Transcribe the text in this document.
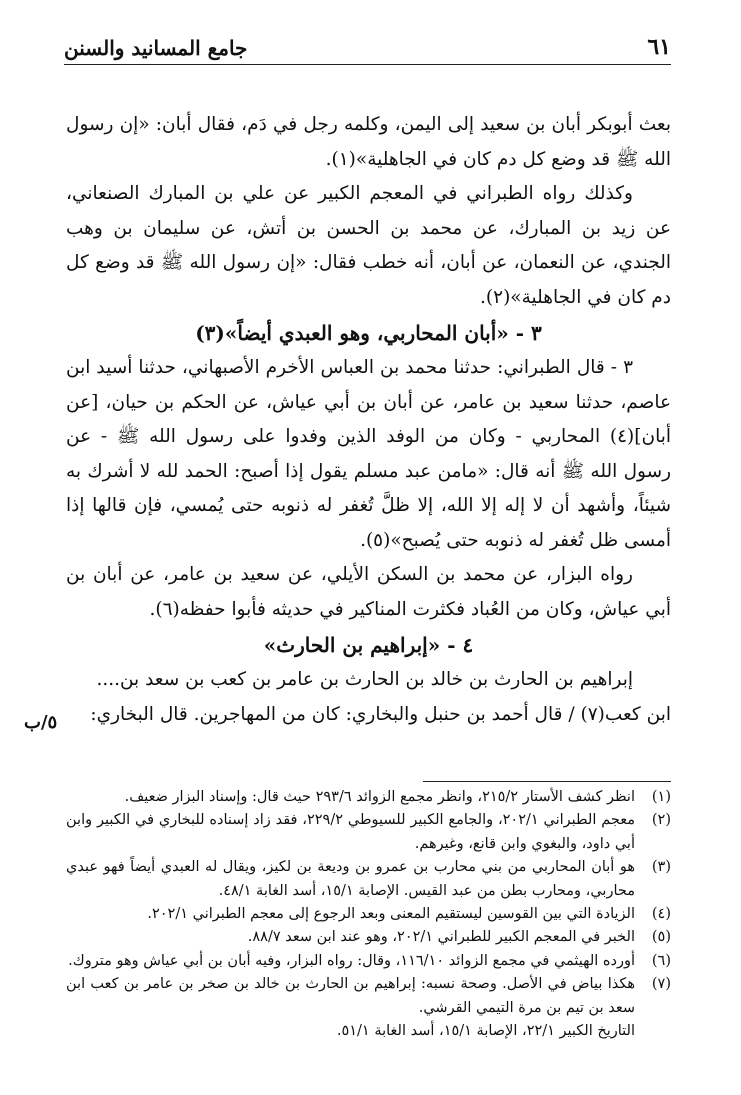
٦١
جامع المسانيد والسنن

بعث أبوبكر أبان بن سعيد إلى اليمن، وكلمه رجل في دَم، فقال أبان: «إن رسول الله ﷺ قد وضع كل دم كان في الجاهلية»(١).

وكذلك رواه الطبراني في المعجم الكبير عن علي بن المبارك الصنعاني، عن زيد بن المبارك، عن محمد بن الحسن بن أتش، عن سليمان بن وهب الجندي، عن النعمان، عن أبان، أنه خطب فقال: «إن رسول الله ﷺ قد وضع كل دم كان في الجاهلية»(٢).

٣ - «أبان المحاربي، وهو العبدي أيضاً»(٣)

٣ - قال الطبراني: حدثنا محمد بن العباس الأخرم الأصبهاني، حدثنا أسيد ابن عاصم، حدثنا سعيد بن عامر، عن أبان بن أبي عياش، عن الحكم بن حيان، [عن أبان](٤) المحاربي - وكان من الوفد الذين وفدوا على رسول الله ﷺ - عن رسول الله ﷺ أنه قال: «مامن عبد مسلم يقول إذا أصبح: الحمد لله لا أشرك به شيئاً، وأشهد أن لا إله إلا الله، إلا ظلَّ تُغفر له ذنوبه حتى يُمسي، فإن قالها إذا أمسى ظل تُغفر له ذنوبه حتى يُصبح»(٥).

رواه البزار، عن محمد بن السكن الأيلي، عن سعيد بن عامر، عن أبان بن أبي عياش، وكان من العُباد فكثرت المناكير في حديثه فأبوا حفظه(٦).

٤ - «إبراهيم بن الحارث»

إبراهيم بن الحارث بن خالد بن الحارث بن عامر بن كعب بن سعد بن....

ابن كعب(٧) / قال أحمد بن حنبل والبخاري: كان من المهاجرين. قال البخاري:

٥/ب
(١)
انظر كشف الأستار ٢١٥/٢، وانظر مجمع الزوائد ٢٩٣/٦ حيث قال: وإسناد البزار ضعيف.
(٢)
معجم الطبراني ٢٠٢/١، والجامع الكبير للسيوطي ٢٢٩/٢، فقد زاد إسناده للبخاري في الكبير وابن أبي داود، والبغوي وابن قانع، وغيرهم.
(٣)
هو أبان المحاربي من بني محارب بن عمرو بن وديعة بن لكيز، ويقال له العبدي أيضاً فهو عبدي محاربي، ومحارب بطن من عبد القيس. الإصابة ١٥/١، أسد الغابة ٤٨/١.
(٤)
الزيادة التي بين القوسين ليستقيم المعنى وبعد الرجوع إلى معجم الطبراني ٢٠٢/١.
(٥)
الخبر في المعجم الكبير للطبراني ٢٠٢/١، وهو عند ابن سعد ٨٨/٧.
(٦)
أورده الهيثمي في مجمع الزوائد ١١٦/١٠، وقال: رواه البزار، وفيه أبان بن أبي عياش وهو متروك.
(٧)
هكذا بياض في الأصل. وصحة نسبه: إبراهيم بن الحارث بن خالد بن صخر بن عامر بن كعب ابن سعد بن تيم بن مرة التيمي القرشي.
التاريخ الكبير ٢٢/١، الإصابة ١٥/١، أسد الغابة ٥١/١.
